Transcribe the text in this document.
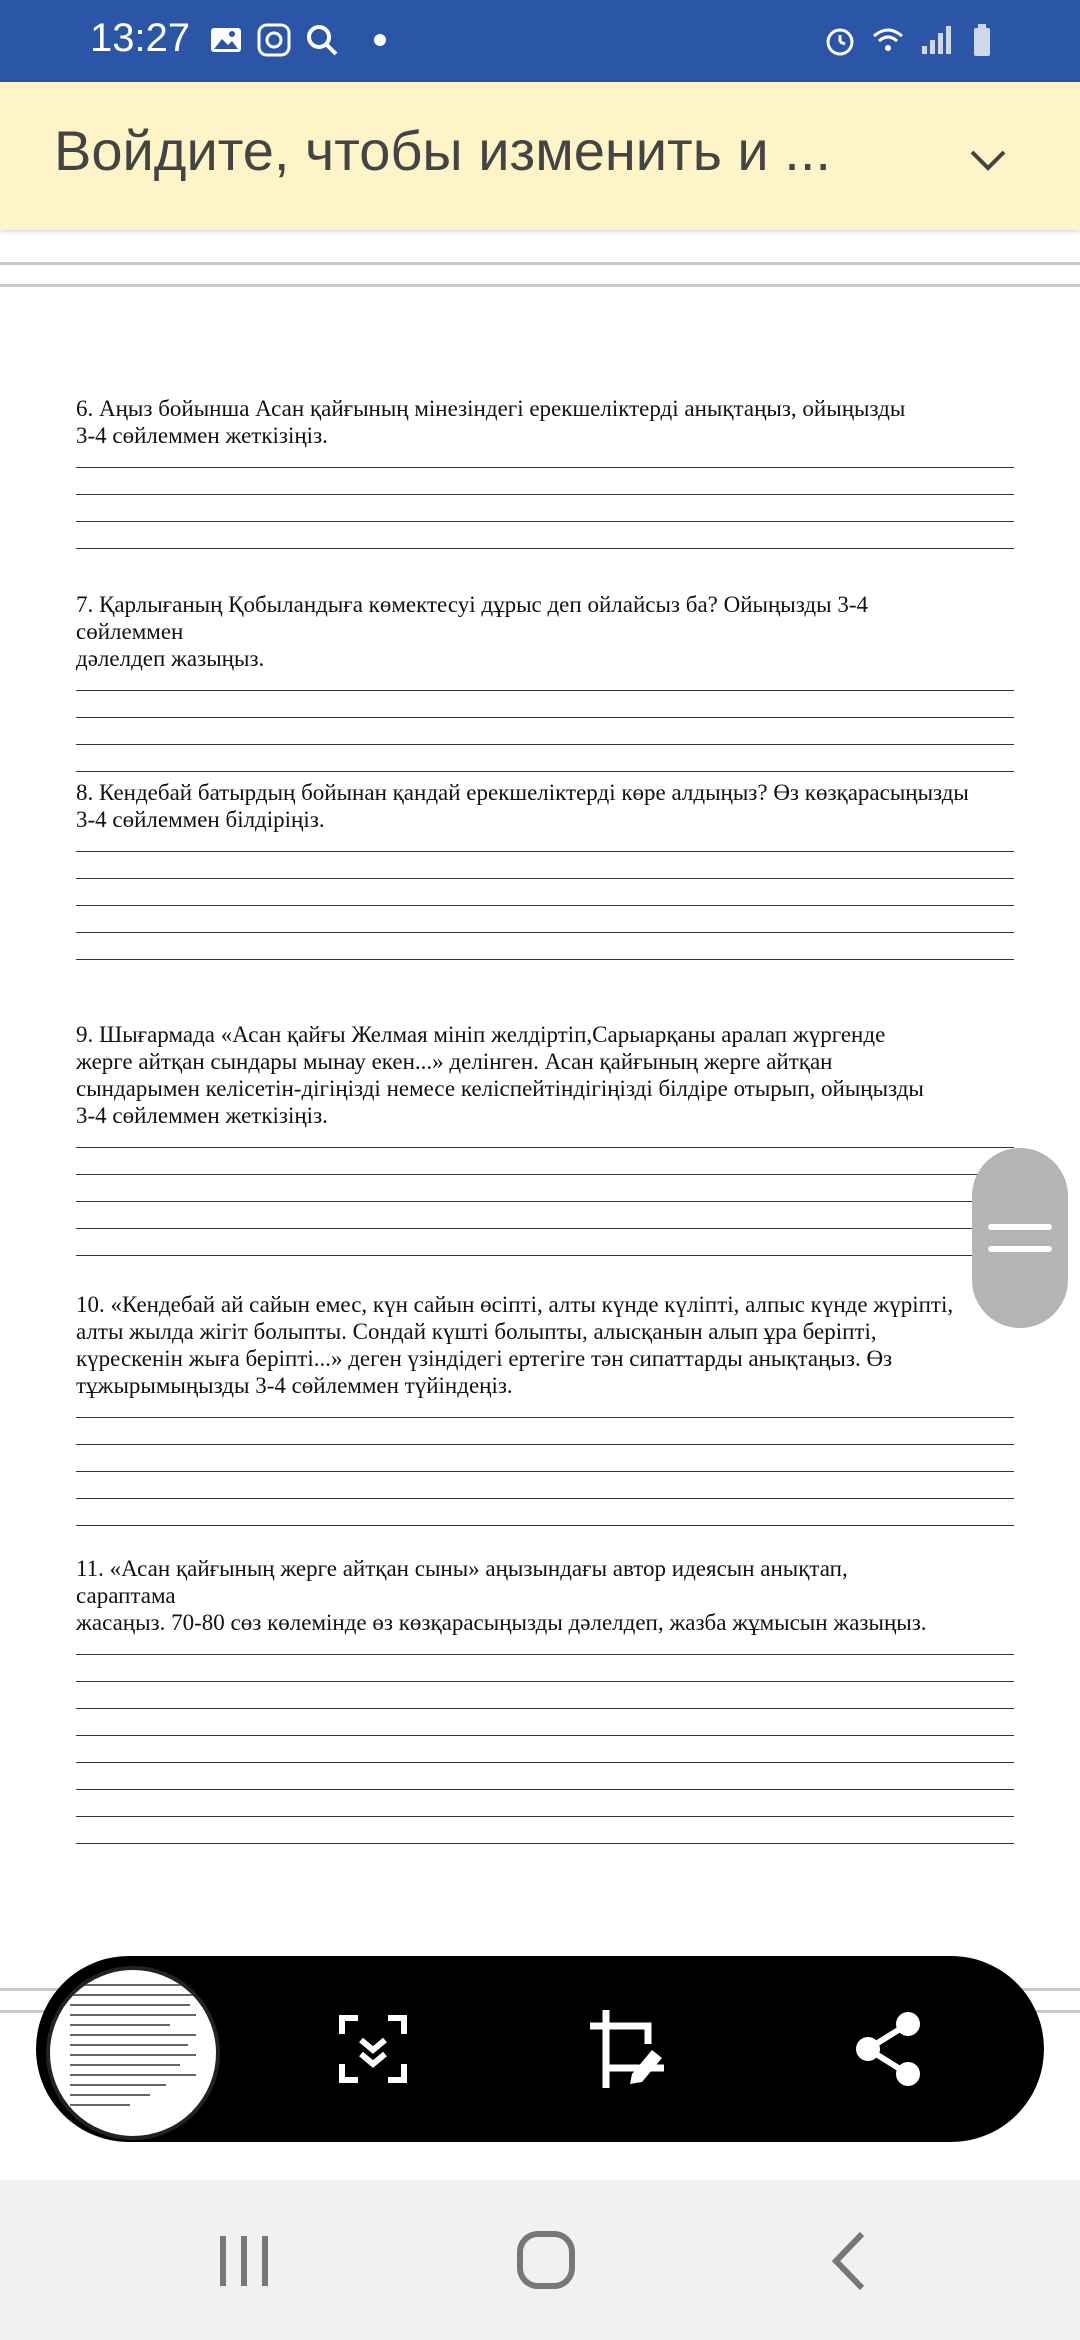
13:27
Войдите, чтобы изменить и ...
6. Аңыз бойынша Асан қайғының мінезіндегі ерекшеліктерді анықтаңыз, ойыңызды
3-4 сөйлеммен жеткізіңіз.
7. Қарлығаның Қобыландыға көмектесуі дұрыс деп ойлайсыз ба? Ойыңызды 3-4
сөйлеммен
дәлелдеп жазыңыз.
8. Кендебай батырдың бойынан қандай ерекшеліктерді көре алдыңыз? Өз көзқарасыңызды
3-4 сөйлеммен білдіріңіз.
9. Шығармада «Асан қайғы Желмая мініп желдіртіп,Сарыарқаны аралап жүргенде
жерге айтқан сындары мынау екен...» делінген. Асан қайғының жерге айтқан
сындарымен келісетін-дігіңізді немесе келіспейтіндігіңізді білдіре отырып, ойыңызды
3-4 сөйлеммен жеткізіңіз.
10. «Кендебай ай сайын емес, күн сайын өсіпті, алты күнде күліпті, алпыс күнде жүріпті,
алты жылда жігіт болыпты. Сондай күшті болыпты, алысқанын алып ұра беріпті,
күрескенін жыға беріпті...» деген үзіндідегі ертегіге тән сипаттарды анықтаңыз. Өз
тұжырымыңызды 3-4 сөйлеммен түйіндеңіз.
11. «Асан қайғының жерге айтқан сыны» аңызындағы автор идеясын анықтап,
сараптама
жасаңыз. 70-80 сөз көлемінде өз көзқарасыңызды дәлелдеп, жазба жұмысын жазыңыз.
